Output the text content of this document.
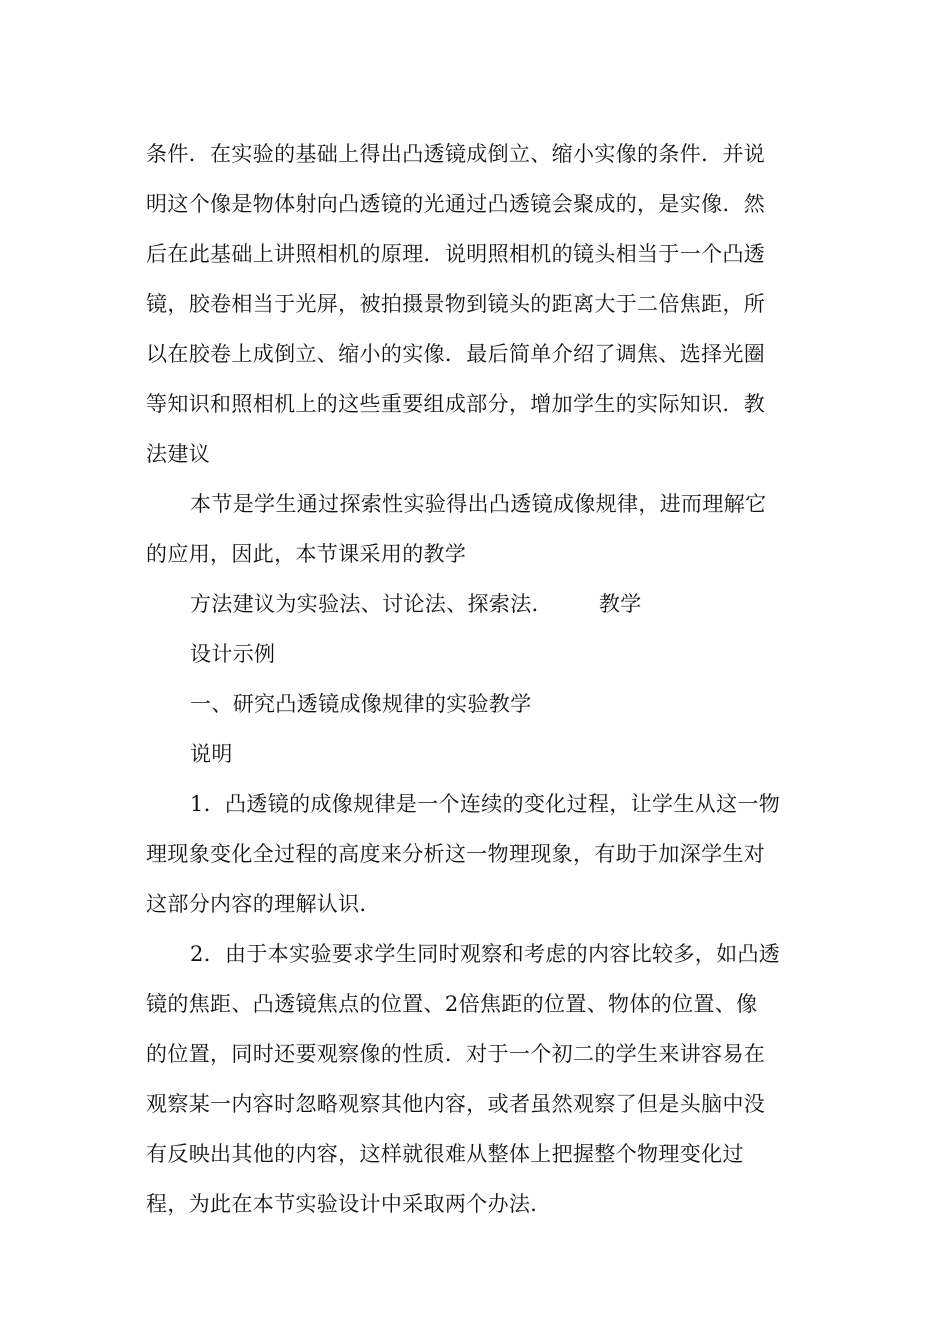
条件．在实验的基础上得出凸透镜成倒立、缩小实像的条件．并说
明这个像是物体射向凸透镜的光通过凸透镜会聚成的，是实像．然
后在此基础上讲照相机的原理．说明照相机的镜头相当于一个凸透
镜，胶卷相当于光屏，被拍摄景物到镜头的距离大于二倍焦距，所
以在胶卷上成倒立、缩小的实像．最后简单介绍了调焦、选择光圈
等知识和照相机上的这些重要组成部分，增加学生的实际知识．教
法建议
本节是学生通过探索性实验得出凸透镜成像规律，进而理解它
的应用，因此，本节课采用的教学
方法建议为实验法、讨论法、探索法． 教学
设计示例
一、研究凸透镜成像规律的实验教学
说明
1．凸透镜的成像规律是一个连续的变化过程，让学生从这一物
理现象变化全过程的高度来分析这一物理现象，有助于加深学生对
这部分内容的理解认识．
2．由于本实验要求学生同时观察和考虑的内容比较多，如凸透
镜的焦距、凸透镜焦点的位置、2倍焦距的位置、物体的位置、像
的位置，同时还要观察像的性质．对于一个初二的学生来讲容易在
观察某一内容时忽略观察其他内容，或者虽然观察了但是头脑中没
有反映出其他的内容，这样就很难从整体上把握整个物理变化过
程，为此在本节实验设计中采取两个办法．
